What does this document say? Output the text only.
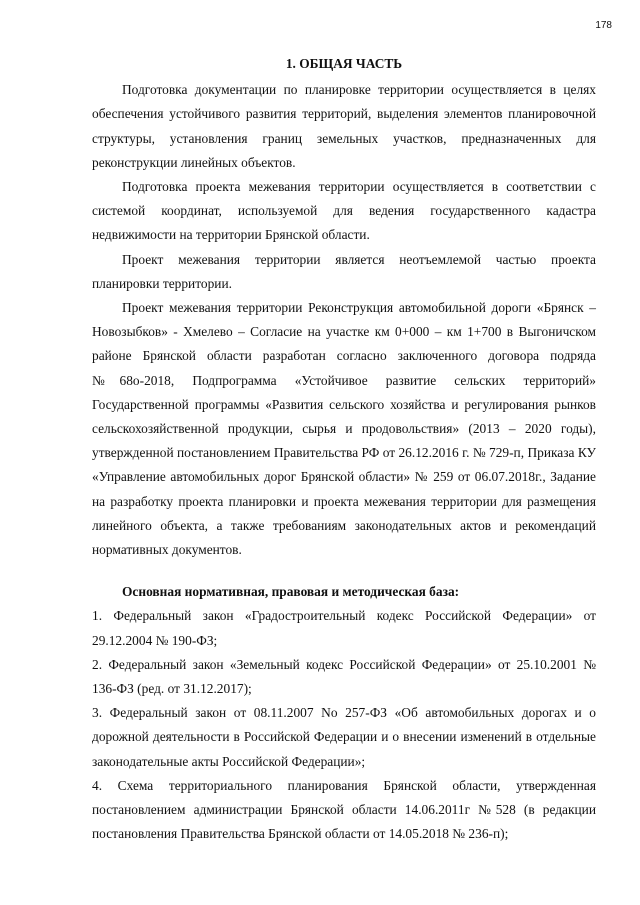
178
1. ОБЩАЯ ЧАСТЬ

Подготовка документации по планировке территории осуществляется в целях обеспечения устойчивого развития территорий, выделения элементов планировочной структуры, установления границ земельных участков, предназначенных для реконструкции линейных объектов.

Подготовка проекта межевания территории осуществляется в соответствии с системой координат, используемой для ведения государственного кадастра недвижимости на территории Брянской области.

Проект межевания территории является неотъемлемой частью проекта планировки территории.

Проект межевания территории Реконструкция автомобильной дороги «Брянск – Новозыбков» - Хмелево – Согласие на участке км 0+000 – км 1+700 в Выгоничском районе Брянской области разработан согласно заключенного договора подряда №68о-2018, Подпрограмма «Устойчивое развитие сельских территорий» Государственной программы «Развития сельского хозяйства и регулирования рынков сельскохозяйственной продукции, сырья и продовольствия» (2013 – 2020 годы), утвержденной постановлением Правительства РФ от 26.12.2016 г. № 729-п, Приказа КУ «Управление автомобильных дорог Брянской области» № 259 от 06.07.2018г., Задание на разработку проекта планировки и проекта межевания территории для размещения линейного объекта, а также требованиям законодательных актов и рекомендаций нормативных документов.

Основная нормативная, правовая и методическая база:
1. Федеральный закон «Градостроительный кодекс Российской Федерации» от 29.12.2004 № 190-ФЗ;
2. Федеральный закон «Земельный кодекс Российской Федерации» от 25.10.2001 № 136-ФЗ (ред. от 31.12.2017);
3. Федеральный закон от 08.11.2007 No 257-ФЗ «Об автомобильных дорогах и о дорожной деятельности в Российской Федерации и о внесении изменений в отдельные законодательные акты Российской Федерации»;
4. Схема территориального планирования Брянской области, утвержденная постановлением администрации Брянской области 14.06.2011г №528 (в редакции постановления Правительства Брянской области от 14.05.2018 № 236-п);
